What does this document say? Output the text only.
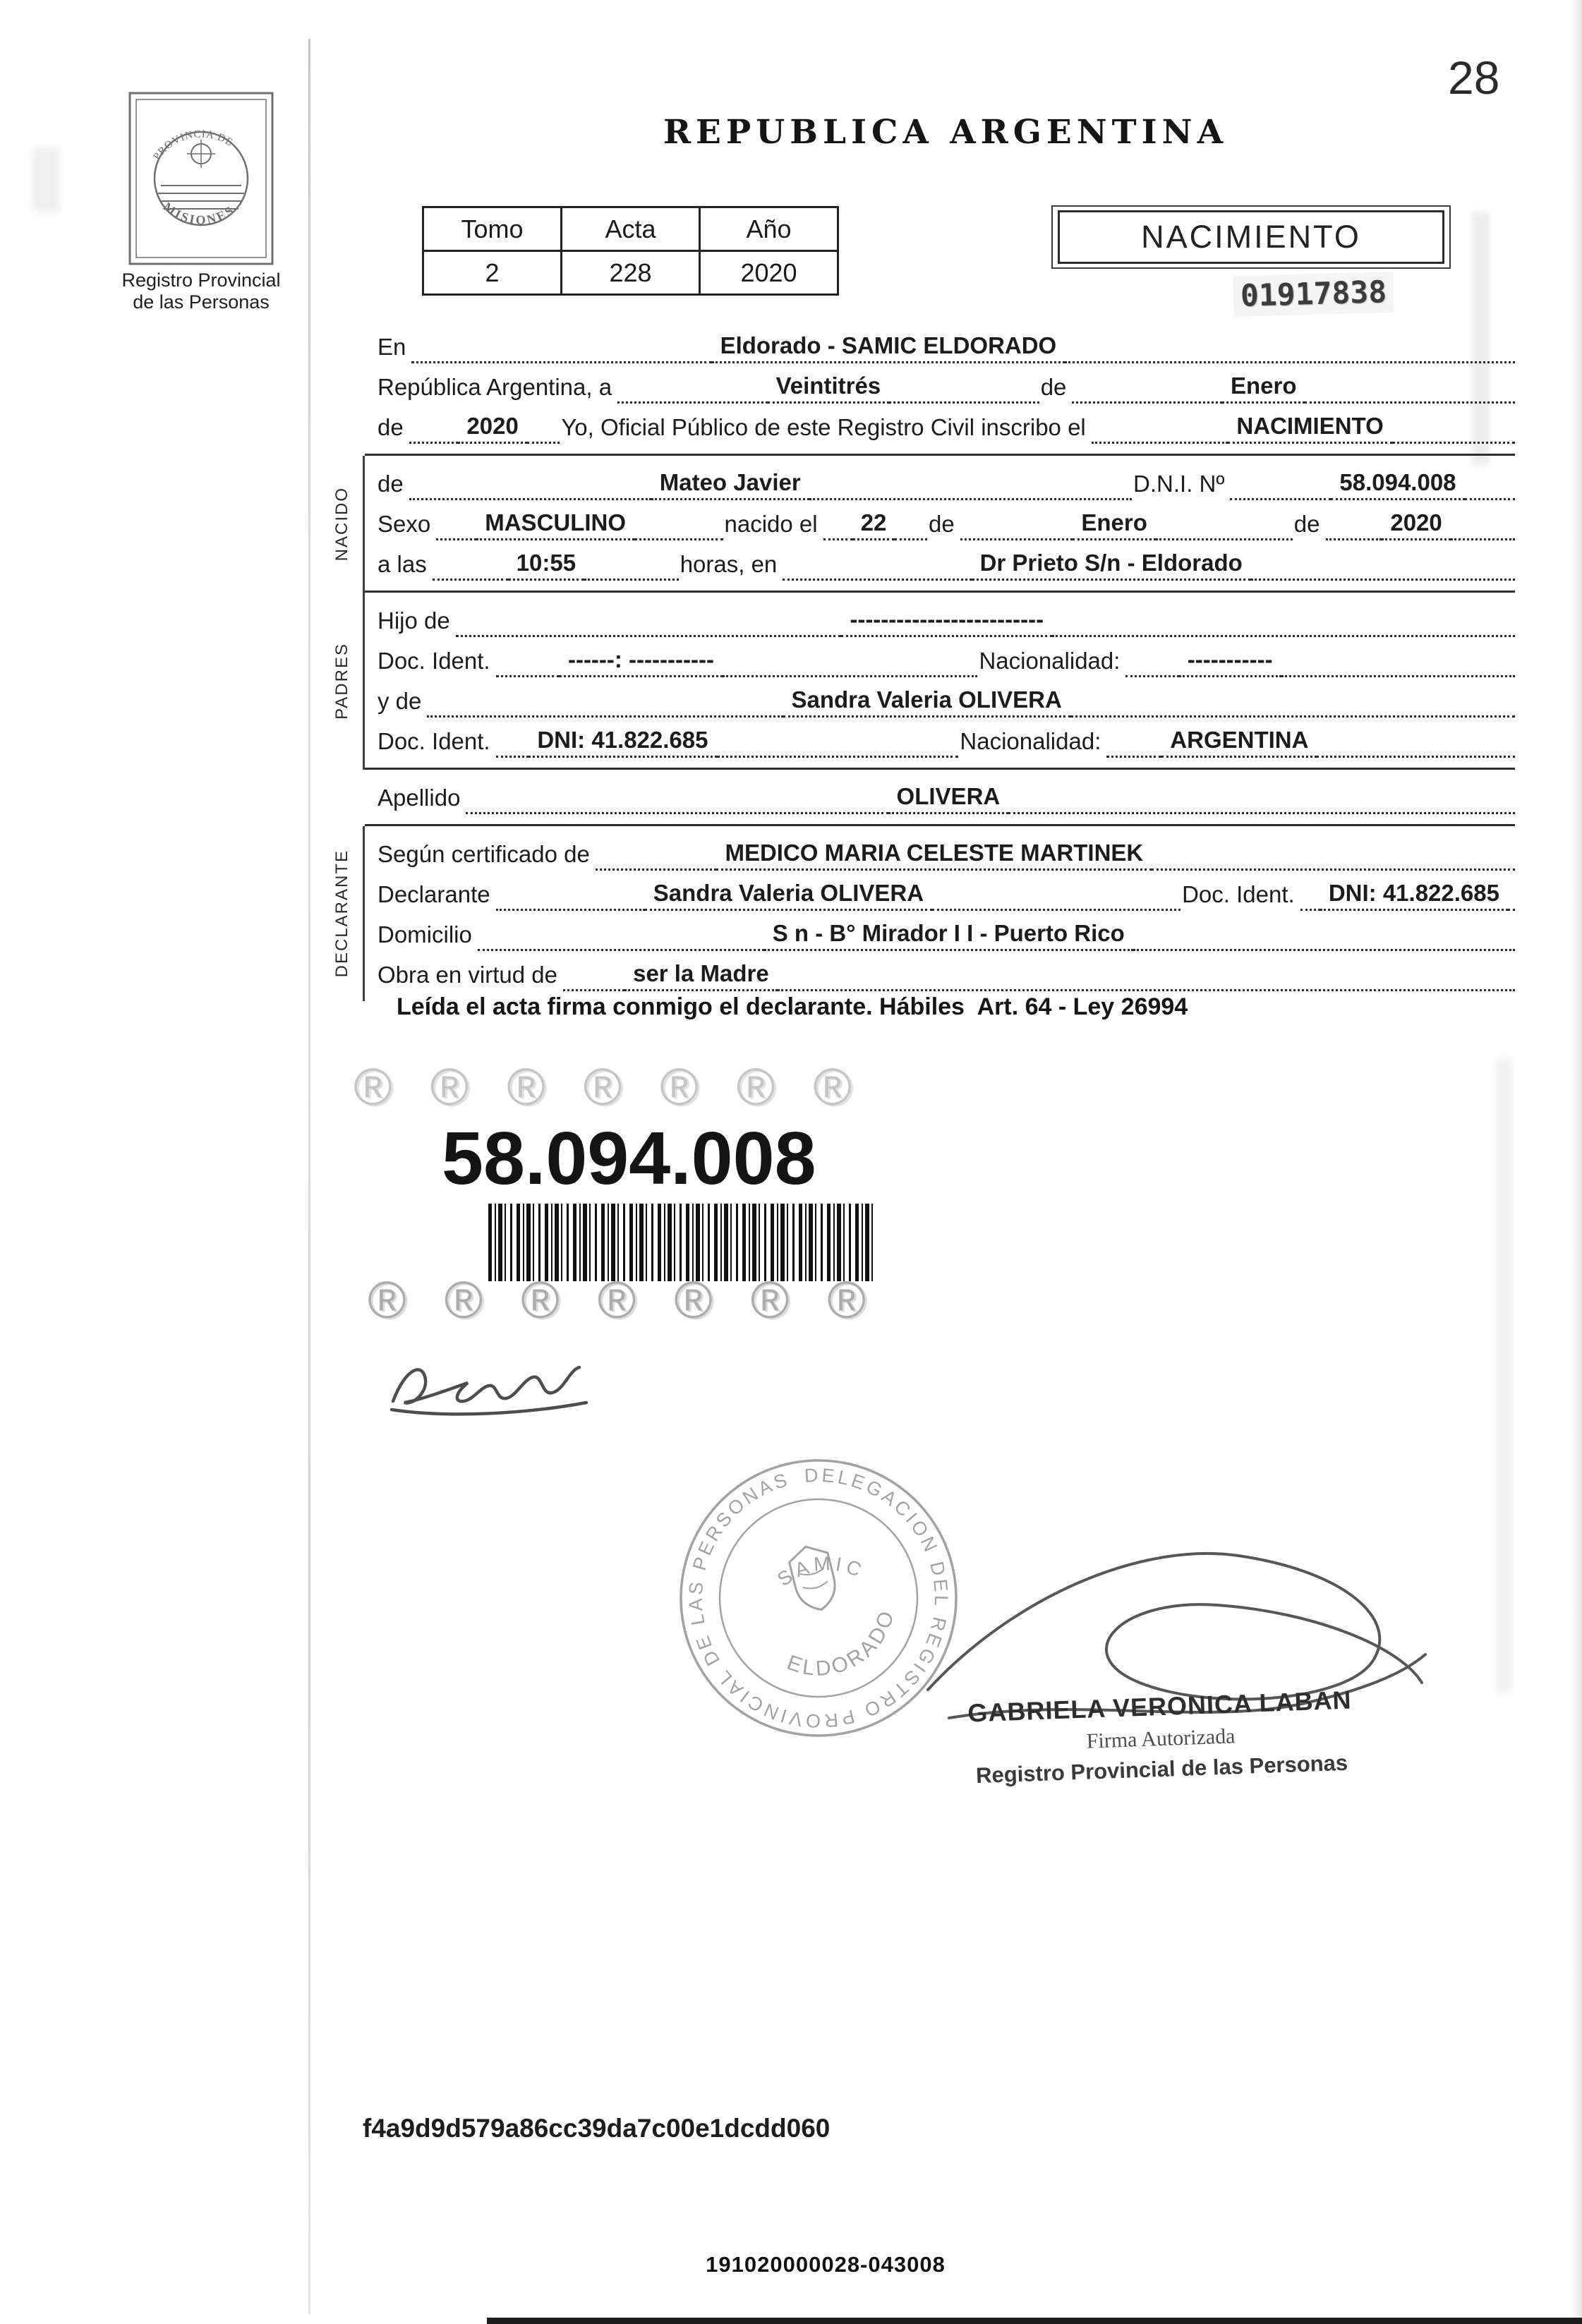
28
PROVINCIA DE
MISIONES
Registro Provincial
de las Personas
REPUBLICA ARGENTINA
Tomo	Acta	Año
2	228	2020
NACIMIENTO
01917838
En	Eldorado - SAMIC ELDORADO
República Argentina, a	Veintitrés	de	Enero
de	2020	Yo, Oficial Público de este Registro Civil inscribo el	NACIMIENTO
NACIDO
de	Mateo Javier	D.N.I. Nº	58.094.008
Sexo	MASCULINO	nacido el	22	de	Enero	de	2020
a las	10:55	horas, en	Dr Prieto S/n - Eldorado
PADRES
Hijo de	-------------------------
Doc. Ident.	------: -----------	Nacionalidad:	-----------
y de	Sandra Valeria OLIVERA
Doc. Ident.	DNI: 41.822.685	Nacionalidad:	ARGENTINA
Apellido	OLIVERA
DECLARANTE Según certificado de	MEDICO MARIA CELESTE MARTINEK
Declarante	Sandra Valeria OLIVERA	Doc. Ident.	DNI: 41.822.685
Domicilio	S n - B° Mirador I I - Puerto Rico
Obra en virtud de	ser la Madre
Leída el acta firma conmigo el declarante. Hábiles  Art. 64 - Ley 26994
® ® ® ® ® ® ®
58.094.008
® ® ® ® ® ® ®
DELEGACION DEL REGISTRO PROVINCIAL DE LAS PERSONAS
SAMIC
ELDORADO
GABRIELA VERONICA LABAN
Firma Autorizada
Registro Provincial de las Personas
f4a9d9d579a86cc39da7c00e1dcdd060
191020000028-043008
